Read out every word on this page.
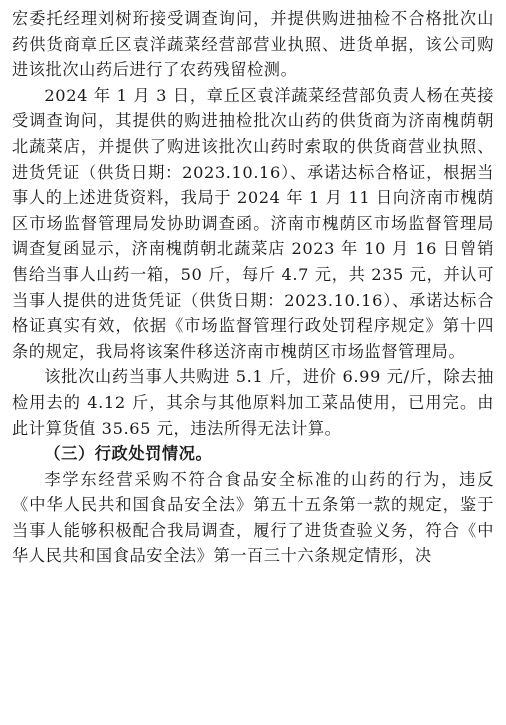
宏委托经理刘树珩接受调查询问，并提供购进抽检不合格批次山药供货商章丘区袁洋蔬菜经营部营业执照、进货单据，该公司购进该批次山药后进行了农药残留检测。

2024 年 1 月 3 日，章丘区袁洋蔬菜经营部负责人杨在英接受调查询问，其提供的购进抽检批次山药的供货商为济南槐荫朝北蔬菜店，并提供了购进该批次山药时索取的供货商营业执照、进货凭证（供货日期：2023.10.16）、承诺达标合格证，根据当事人的上述进货资料，我局于 2024 年 1 月 11 日向济南市槐荫区市场监督管理局发协助调查函。济南市槐荫区市场监督管理局调查复函显示，济南槐荫朝北蔬菜店 2023 年 10 月 16 日曾销售给当事人山药一箱，50 斤，每斤 4.7 元，共 235 元，并认可当事人提供的进货凭证（供货日期：2023.10.16）、承诺达标合格证真实有效，依据《市场监督管理行政处罚程序规定》第十四条的规定，我局将该案件移送济南市槐荫区市场监督管理局。

该批次山药当事人共购进 5.1 斤，进价 6.99 元/斤，除去抽检用去的 4.12 斤，其余与其他原料加工菜品使用，已用完。由此计算货值 35.65 元，违法所得无法计算。

（三）行政处罚情况。

李学东经营采购不符合食品安全标准的山药的行为，违反《中华人民共和国食品安全法》第五十五条第一款的规定，鉴于当事人能够积极配合我局调查，履行了进货查验义务，符合《中华人民共和国食品安全法》第一百三十六条规定情形，决
